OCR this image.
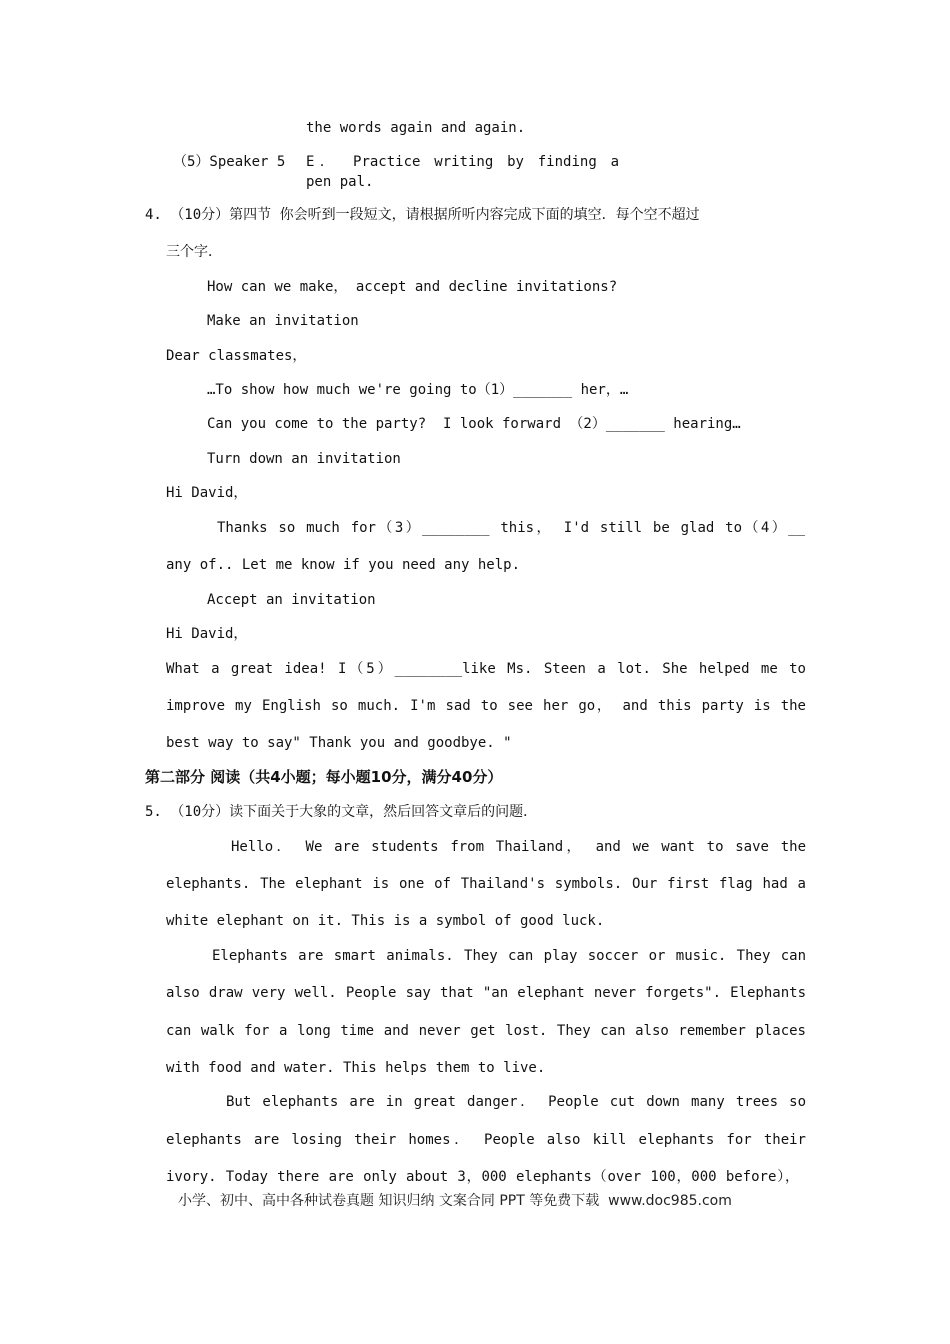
the words again and again.
（5）Speaker 5 E． Practice writing by finding a
pen pal.
4. （10分）第四节 你会听到一段短文，请根据所听内容完成下面的填空．每个空不超过
三个字．
How can we make， accept and decline invitations?
Make an invitation
Dear classmates，
…To show how much we're going to（1）_______ her，…
Can you come to the party?  I look forward （2）_______ hearing…
Turn down an invitation
Hi David，
Thanks so much for（3）________ this， I'd still be glad to（4）__
any of.. Let me know if you need any help.
Accept an invitation
Hi David，
What a great idea! I（5）________like Ms. Steen a lot. She helped me to
improve my English so much. I'm sad to see her go， and this party is the
best way to say" Thank you and goodbye. "
第二部分 阅读（共4小题；每小题10分，满分40分）
5. （10分）读下面关于大象的文章，然后回答文章后的问题．
Hello． We are students from Thailand， and we want to save the
elephants. The elephant is one of Thailand's symbols. Our first flag had a
white elephant on it. This is a symbol of good luck.
Elephants are smart animals. They can play soccer or music. They can
also draw very well. People say that "an elephant never forgets". Elephants
can walk for a long time and never get lost. They can also remember places
with food and water. This helps them to live.
But elephants are in great danger． People cut down many trees so
elephants are losing their homes． People also kill elephants for their
ivory. Today there are only about 3，000 elephants（over 100，000 before），
小学、初中、高中各种试卷真题 知识归纳 文案合同 PPT 等免费下载  www.doc985.com
